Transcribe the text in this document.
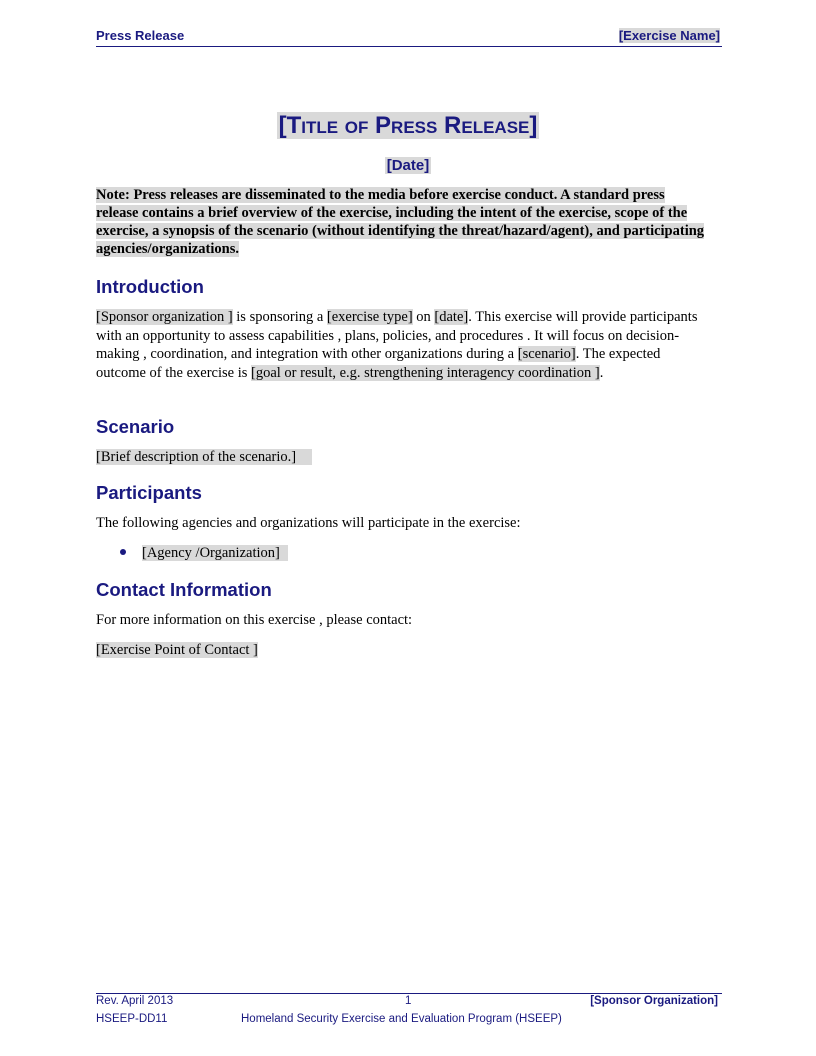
Press Release	[Exercise Name]
[Title of Press Release]
[Date]
Note: Press releases are disseminated to the media before exercise conduct. A standard press release contains a brief overview of the exercise, including the intent of the exercise, scope of the exercise, a synopsis of the scenario (without identifying the threat/hazard/agent), and participating agencies/organizations.
Introduction
[Sponsor organization ] is sponsoring a [exercise type] on [date]. This exercise will provide participants with an opportunity to assess capabilities , plans, policies, and procedures . It will focus on decision-making , coordination, and integration with other organizations during a [scenario]. The expected outcome of the exercise is [goal or result, e.g. strengthening interagency coordination ].
Scenario
[Brief description of the scenario.]
Participants
The following agencies and organizations will participate in the exercise:
[Agency /Organization]
Contact Information
For more information on this exercise , please contact:
[Exercise Point of Contact ]
Rev. April 2013	1	[Sponsor Organization]
HSEEP-DD11	Homeland Security Exercise and Evaluation Program (HSEEP)
